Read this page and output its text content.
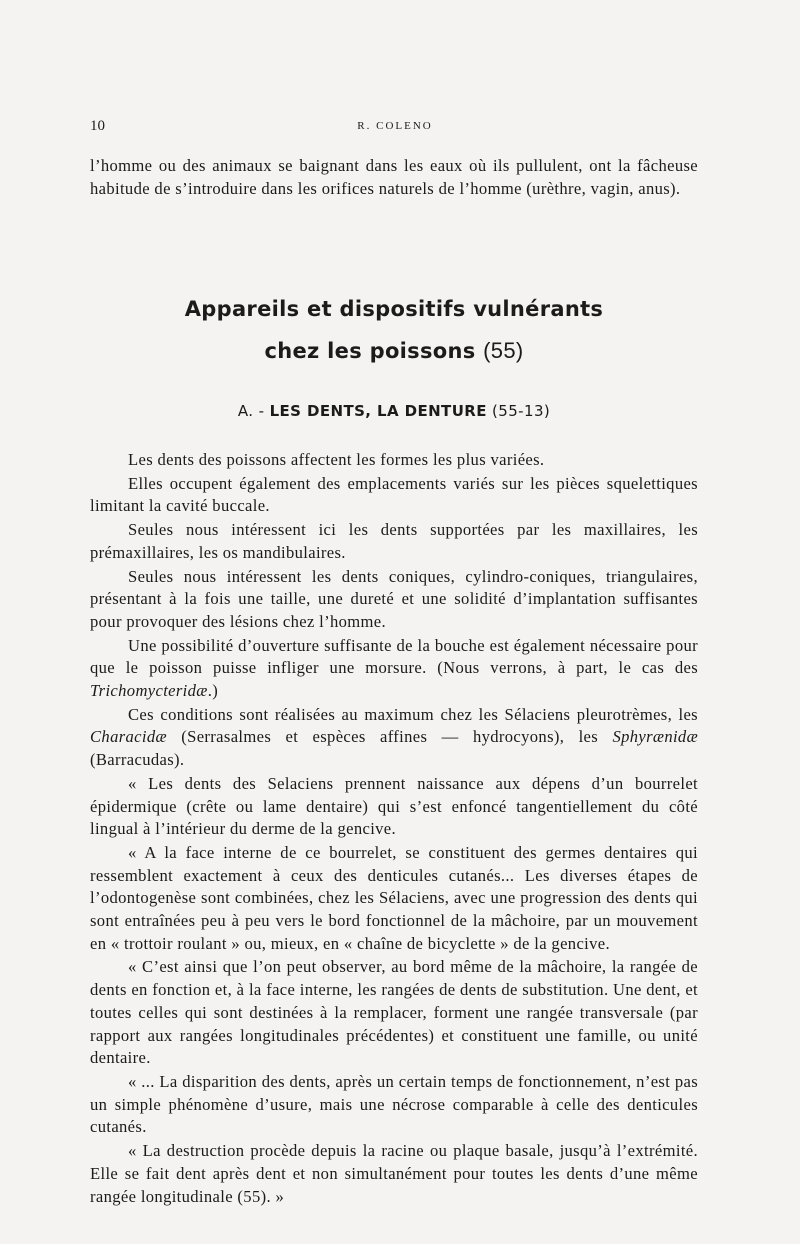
10	R. COLENO

l’homme ou des animaux se baignant dans les eaux où ils pullulent, ont la fâcheuse habitude de s’introduire dans les orifices naturels de l’homme (urèthre, vagin, anus).

Appareils et dispositifs vulnérants
chez les poissons (55)
A. - LES DENTS, LA DENTURE (55-13)

Les dents des poissons affectent les formes les plus variées.

Elles occupent également des emplacements variés sur les pièces squelettiques limitant la cavité buccale.

Seules nous intéressent ici les dents supportées par les maxillaires, les prémaxillaires, les os mandibulaires.

Seules nous intéressent les dents coniques, cylindro-coniques, triangulaires, présentant à la fois une taille, une dureté et une solidité d’implantation suffisantes pour provoquer des lésions chez l’homme.

Une possibilité d’ouverture suffisante de la bouche est également nécessaire pour que le poisson puisse infliger une morsure. (Nous verrons, à part, le cas des Trichomycteridæ.)

Ces conditions sont réalisées au maximum chez les Sélaciens pleurotrèmes, les Characidæ (Serrasalmes et espèces affines — hydrocyons), les Sphyrænidæ (Barracudas).

« Les dents des Selaciens prennent naissance aux dépens d’un bourrelet épidermique (crête ou lame dentaire) qui s’est enfoncé tangentiellement du côté lingual à l’intérieur du derme de la gencive.

« A la face interne de ce bourrelet, se constituent des germes dentaires qui ressemblent exactement à ceux des denticules cutanés... Les diverses étapes de l’odontogenèse sont combinées, chez les Sélaciens, avec une progression des dents qui sont entraînées peu à peu vers le bord fonctionnel de la mâchoire, par un mouvement en « trottoir roulant » ou, mieux, en « chaîne de bicyclette » de la gencive.

« C’est ainsi que l’on peut observer, au bord même de la mâchoire, la rangée de dents en fonction et, à la face interne, les rangées de dents de substitution. Une dent, et toutes celles qui sont destinées à la remplacer, forment une rangée transversale (par rapport aux rangées longitudinales précédentes) et constituent une famille, ou unité dentaire.

« ... La disparition des dents, après un certain temps de fonctionnement, n’est pas un simple phénomène d’usure, mais une nécrose comparable à celle des denticules cutanés.

« La destruction procède depuis la racine ou plaque basale, jusqu’à l’extrémité. Elle se fait dent après dent et non simultanément pour toutes les dents d’une même rangée longitudinale (55). »
